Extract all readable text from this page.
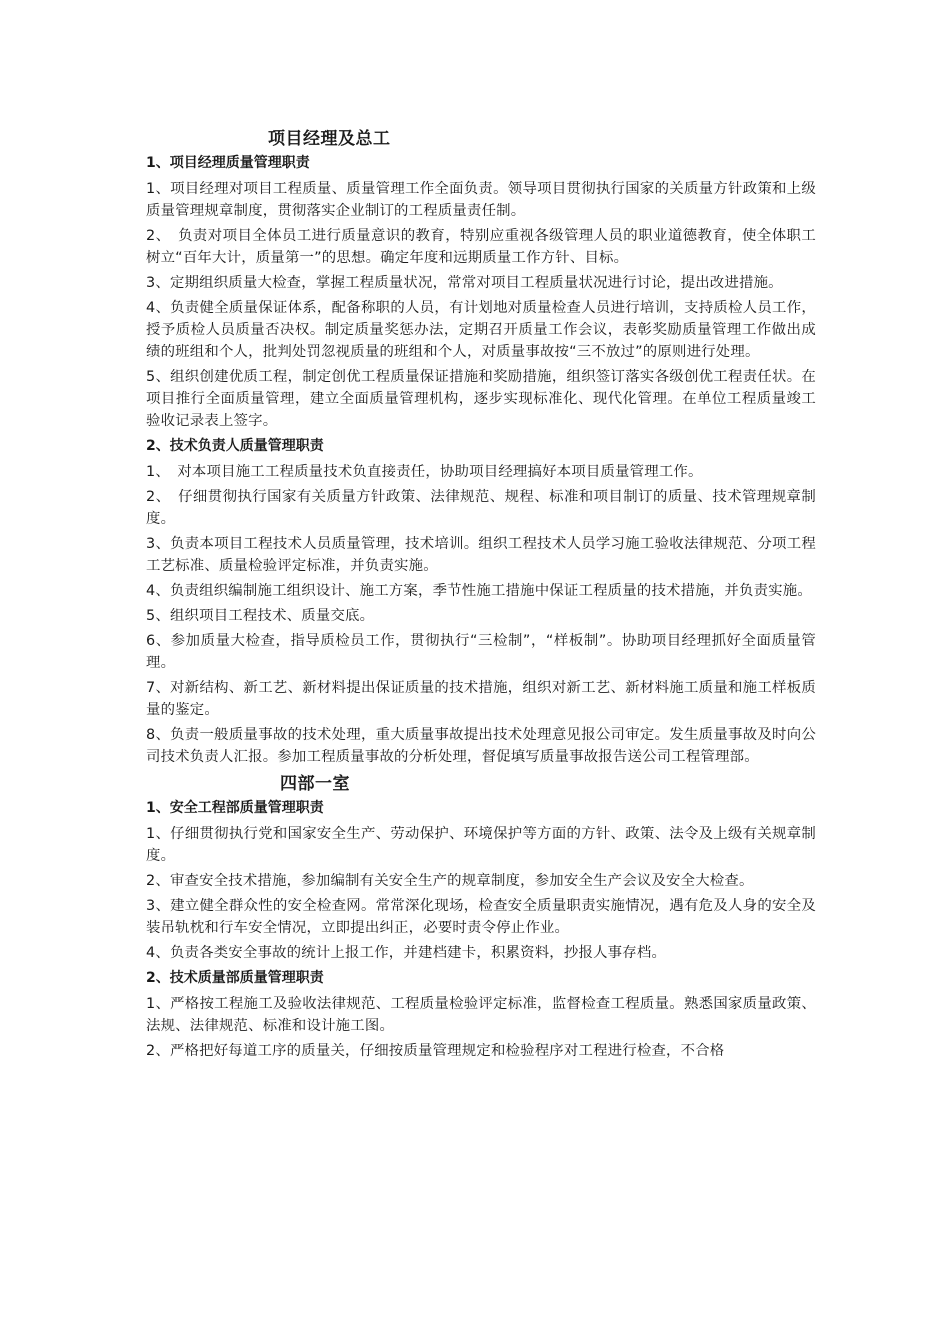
项目经理及总工
1、项目经理质量管理职责
1、项目经理对项目工程质量、质量管理工作全面负责。领导项目贯彻执行国家的关质量方针政策和上级质量管理规章制度，贯彻落实企业制订的工程质量责任制。
2、　负责对项目全体员工进行质量意识的教育，特别应重视各级管理人员的职业道德教育，使全体职工树立“百年大计，质量第一”的思想。确定年度和远期质量工作方针、目标。
3、定期组织质量大检查，掌握工程质量状况，常常对项目工程质量状况进行讨论，提出改进措施。
4、负责健全质量保证体系，配备称职的人员，有计划地对质量检查人员进行培训，支持质检人员工作，授予质检人员质量否决权。制定质量奖惩办法，定期召开质量工作会议，表彰奖励质量管理工作做出成绩的班组和个人，批判处罚忽视质量的班组和个人，对质量事故按“三不放过”的原则进行处理。
5、组织创建优质工程，制定创优工程质量保证措施和奖励措施，组织签订落实各级创优工程责任状。在项目推行全面质量管理，建立全面质量管理机构，逐步实现标准化、现代化管理。在单位工程质量竣工验收记录表上签字。
2、技术负责人质量管理职责
1、　对本项目施工工程质量技术负直接责任，协助项目经理搞好本项目质量管理工作。
2、　仔细贯彻执行国家有关质量方针政策、法律规范、规程、标准和项目制订的质量、技术管理规章制度。
3、负责本项目工程技术人员质量管理，技术培训。组织工程技术人员学习施工验收法律规范、分项工程工艺标准、质量检验评定标准，并负责实施。
4、负责组织编制施工组织设计、施工方案，季节性施工措施中保证工程质量的技术措施，并负责实施。
5、组织项目工程技术、质量交底。
6、参加质量大检查，指导质检员工作，贯彻执行“三检制”，“样板制”。协助项目经理抓好全面质量管理。
7、对新结构、新工艺、新材料提出保证质量的技术措施，组织对新工艺、新材料施工质量和施工样板质量的鉴定。
8、负责一般质量事故的技术处理，重大质量事故提出技术处理意见报公司审定。发生质量事故及时向公司技术负责人汇报。参加工程质量事故的分析处理，督促填写质量事故报告送公司工程管理部。
四部一室
1、安全工程部质量管理职责
1、仔细贯彻执行党和国家安全生产、劳动保护、环境保护等方面的方针、政策、法令及上级有关规章制度。
2、审查安全技术措施，参加编制有关安全生产的规章制度，参加安全生产会议及安全大检查。
3、建立健全群众性的安全检查网。常常深化现场，检查安全质量职责实施情况，遇有危及人身的安全及装吊轨枕和行车安全情况，立即提出纠正，必要时责令停止作业。
4、负责各类安全事故的统计上报工作，并建档建卡，积累资料，抄报人事存档。
2、技术质量部质量管理职责
1、严格按工程施工及验收法律规范、工程质量检验评定标准，监督检查工程质量。熟悉国家质量政策、法规、法律规范、标准和设计施工图。
2、严格把好每道工序的质量关，仔细按质量管理规定和检验程序对工程进行检查，不合格
